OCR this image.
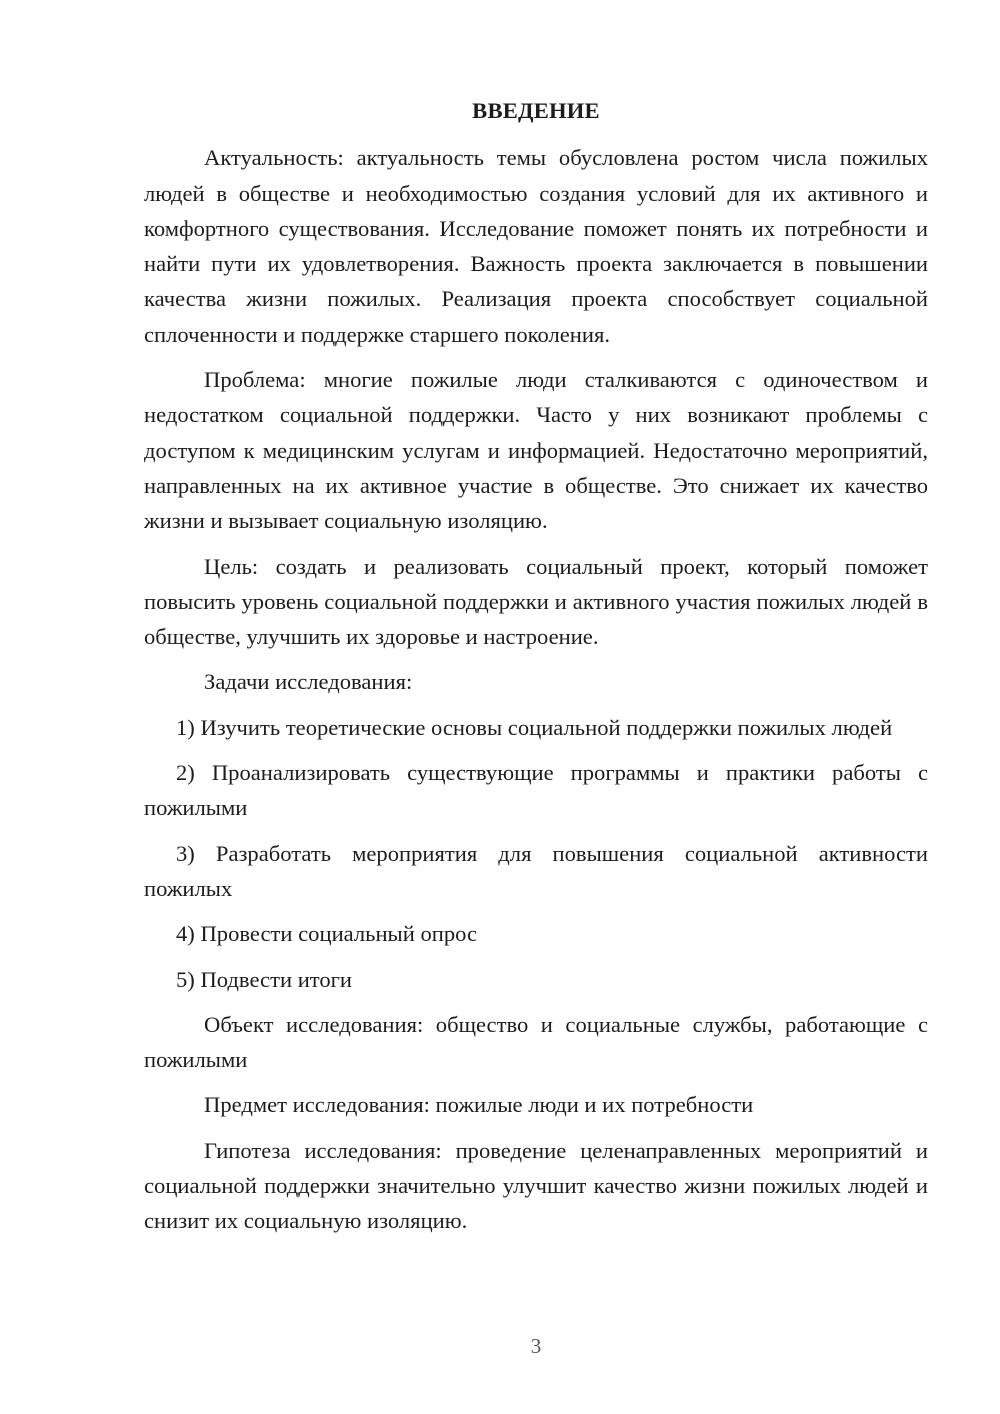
ВВЕДЕНИЕ

Актуальность: актуальность темы обусловлена ростом числа пожилых людей в обществе и необходимостью создания условий для их активного и комфортного существования. Исследование поможет понять их потребности и найти пути их удовлетворения. Важность проекта заключается в повышении качества жизни пожилых. Реализация проекта способствует социальной сплоченности и поддержке старшего поколения.

Проблема: многие пожилые люди сталкиваются с одиночеством и недостатком социальной поддержки. Часто у них возникают проблемы с доступом к медицинским услугам и информацией. Недостаточно мероприятий, направленных на их активное участие в обществе. Это снижает их качество жизни и вызывает социальную изоляцию.

Цель: создать и реализовать социальный проект, который поможет повысить уровень социальной поддержки и активного участия пожилых людей в обществе, улучшить их здоровье и настроение.

Задачи исследования:

1) Изучить теоретические основы социальной поддержки пожилых людей

2) Проанализировать существующие программы и практики работы с пожилыми

3) Разработать мероприятия для повышения социальной активности пожилых

4) Провести социальный опрос

5) Подвести итоги

Объект исследования: общество и социальные службы, работающие с пожилыми

Предмет исследования: пожилые люди и их потребности

Гипотеза исследования: проведение целенаправленных мероприятий и социальной поддержки значительно улучшит качество жизни пожилых людей и снизит их социальную изоляцию.

3
